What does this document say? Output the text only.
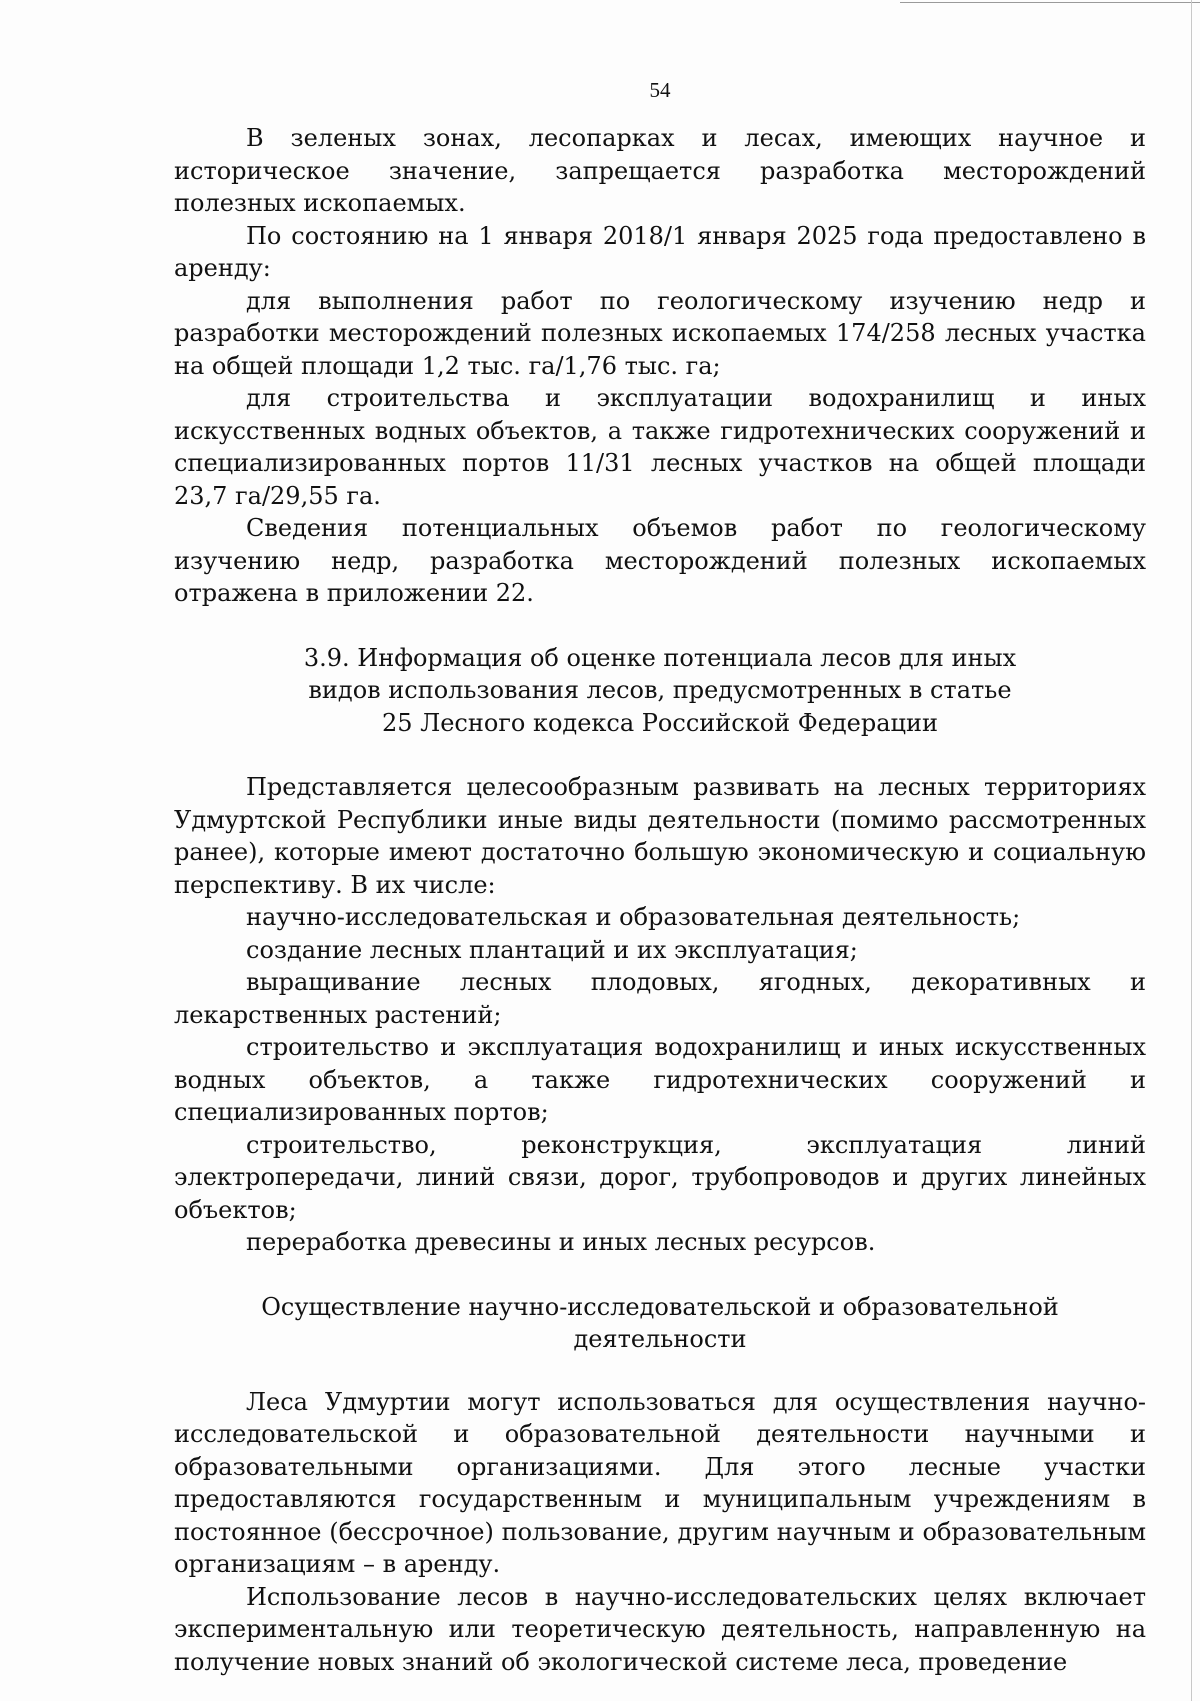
54

В зеленых зонах, лесопарках и лесах, имеющих научное и историческое значение, запрещается разработка месторождений полезных ископаемых.

По состоянию на 1 января 2018/1 января 2025 года предоставлено в аренду:

для выполнения работ по геологическому изучению недр и разработки месторождений полезных ископаемых 174/258 лесных участка на общей площади 1,2 тыс. га/1,76 тыс. га;

для строительства и эксплуатации водохранилищ и иных искусственных водных объектов, а также гидротехнических сооружений и специализированных портов 11/31 лесных участков на общей площади 23,7 га/29,55 га.

Сведения потенциальных объемов работ по геологическому изучению недр, разработка месторождений полезных ископаемых отражена в приложении 22.

3.9. Информация об оценке потенциала лесов для иных
видов использования лесов, предусмотренных в статье
25 Лесного кодекса Российской Федерации

Представляется целесообразным развивать на лесных территориях Удмуртской Республики иные виды деятельности (помимо рассмотренных ранее), которые имеют достаточно большую экономическую и социальную перспективу. В их числе:

научно-исследовательская и образовательная деятельность;

создание лесных плантаций и их эксплуатация;

выращивание лесных плодовых, ягодных, декоративных и лекарственных растений;

строительство и эксплуатация водохранилищ и иных искусственных водных объектов, а также гидротехнических сооружений и специализированных портов;

строительство, реконструкция, эксплуатация линий электропередачи, линий связи, дорог, трубопроводов и других линейных объектов;

переработка древесины и иных лесных ресурсов.

Осуществление научно-исследовательской и образовательной
деятельности

Леса Удмуртии могут использоваться для осуществления научно-исследовательской и образовательной деятельности научными и образовательными организациями. Для этого лесные участки предоставляются государственным и муниципальным учреждениям в постоянное (бессрочное) пользование, другим научным и образовательным организациям – в аренду.

Использование лесов в научно-исследовательских целях включает экспериментальную или теоретическую деятельность, направленную на получение новых знаний об экологической системе леса, проведение
